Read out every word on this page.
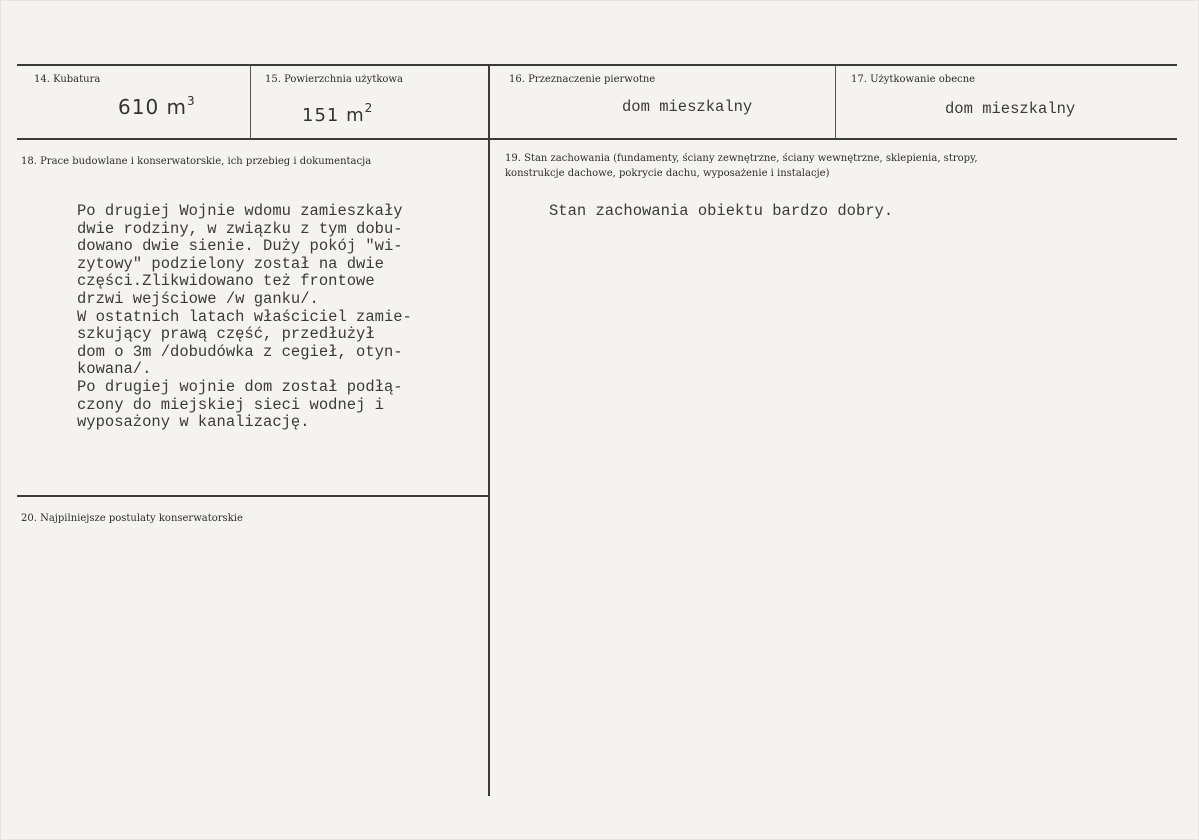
14. Kubatura
610 $m^3$
15. Powierzchnia użytkowa
151 $m^2$
16. Przeznaczenie pierwotne
dom mieszkalny
17. Użytkowanie obecne
dom mieszkalny
18. Prace budowlane i konserwatorskie, ich przebieg i dokumentacja
Po drugiej Wojnie wdomu zamieszkały
dwie rodziny, w związku z tym dobu-
dowano dwie sienie. Duży pokój "wi-
zytowy" podzielony został na dwie
części.Zlikwidowano też frontowe
drzwi wejściowe /w ganku/.
W ostatnich latach właściciel zamie-
szkujący prawą część, przedłużył
dom o 3m /dobudówka z cegieł, otyn-
kowana/.
Po drugiej wojnie dom został podłą-
czony do miejskiej sieci wodnej i
wyposażony w kanalizację.
19. Stan zachowania (fundamenty, ściany zewnętrzne, ściany wewnętrzne, sklepienia, stropy,
konstrukcje dachowe, pokrycie dachu, wyposażenie i instalacje)
Stan zachowania obiektu bardzo dobry.
20. Najpilniejsze postulaty konserwatorskie
